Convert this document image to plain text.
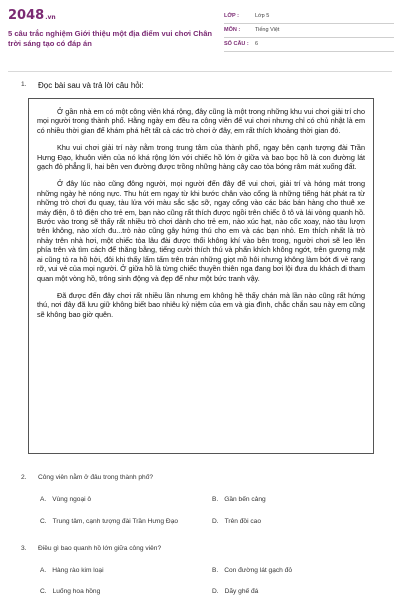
2048.vn
5 câu trắc nghiệm Giới thiệu một địa điểm vui chơi Chân trời sáng tạo có đáp án
LỚP :	Lớp 5
MÔN :	Tiếng Việt
SỐ CÂU :	6
1. Đọc bài sau và trả lời câu hỏi:

Ở gần nhà em có một công viên khá rộng, đây cũng là một trong những khu vui chơi giải trí cho mọi người trong thành phố. Hằng ngày em đều ra công viên để vui chơi nhưng chỉ có chủ nhật là em có nhiều thời gian để khám phá hết tất cả các trò chơi ở đây, em rất thích khoảng thời gian đó.

Khu vui chơi giải trí này nằm trong trung tâm của thành phố, ngay bên cạnh tượng đài Trần Hưng Đạo, khuôn viên của nó khá rộng lớn với chiếc hồ lớn ở giữa và bao bọc hồ là con đường lát gạch đỏ phẳng lì, hai bên ven đường được trồng những hàng cây cao tỏa bóng râm mát xuống đất.

Ở đây lúc nào cũng đông người, mọi người đến đây để vui chơi, giải trí và hóng mát trong những ngày hè nóng nực. Thu hút em ngay từ khi bước chân vào cổng là những tiếng hát phát ra từ những trò chơi đu quay, tàu lửa với màu sắc sặc sỡ, ngay cổng vào các bác bán hàng cho thuê xe máy điện, ô tô điện cho trẻ em, bạn nào cũng rất thích được ngồi trên chiếc ô tô và lái vòng quanh hồ. Bước vào trong sẽ thấy rất nhiều trò chơi dành cho trẻ em, nào xúc hạt, nào cốc xoay, nào tàu lượn trên không, nào xích đu...trò nào cũng gây hứng thú cho em và các bạn nhỏ. Em thích nhất là trò nhảy trên nhà hơi, một chiếc tòa lâu đài được thổi không khí vào bên trong, người chơi sẽ leo lên phía trên và tìm cách để thăng bằng, tiếng cười thích thú và phấn khích không ngớt, trên gương mặt ai cũng tỏ ra hồ hởi, đôi khi thấy lấm tấm trên trán những giọt mồ hôi nhưng không làm bớt đi vẻ rạng rỡ, vui vẻ của mọi người. Ở giữa hồ là từng chiếc thuyền thiên nga đang bơi lội đưa du khách đi tham quan một vòng hồ, trông sinh động và đẹp để như một bức tranh vậy.

Đã được đến đây chơi rất nhiều lần nhưng em không hề thấy chán mà lần nào cũng rất hứng thú, nơi đây đã lưu giữ không biết bao nhiêu kỷ niệm của em và gia đình, chắc chắn sau này em cũng sẽ không bao giờ quên.

2. Công viên nằm ở đâu trong thành phố?
A. Vùng ngoại ô	B. Gần bến cảng
C. Trung tâm, cạnh tượng đài Trần Hưng Đạo	D. Trên đồi cao
3. Điều gì bao quanh hồ lớn giữa công viên?
A. Hàng rào kim loại	B. Con đường lát gạch đỏ
C. Luống hoa hồng	D. Dãy ghế đá
